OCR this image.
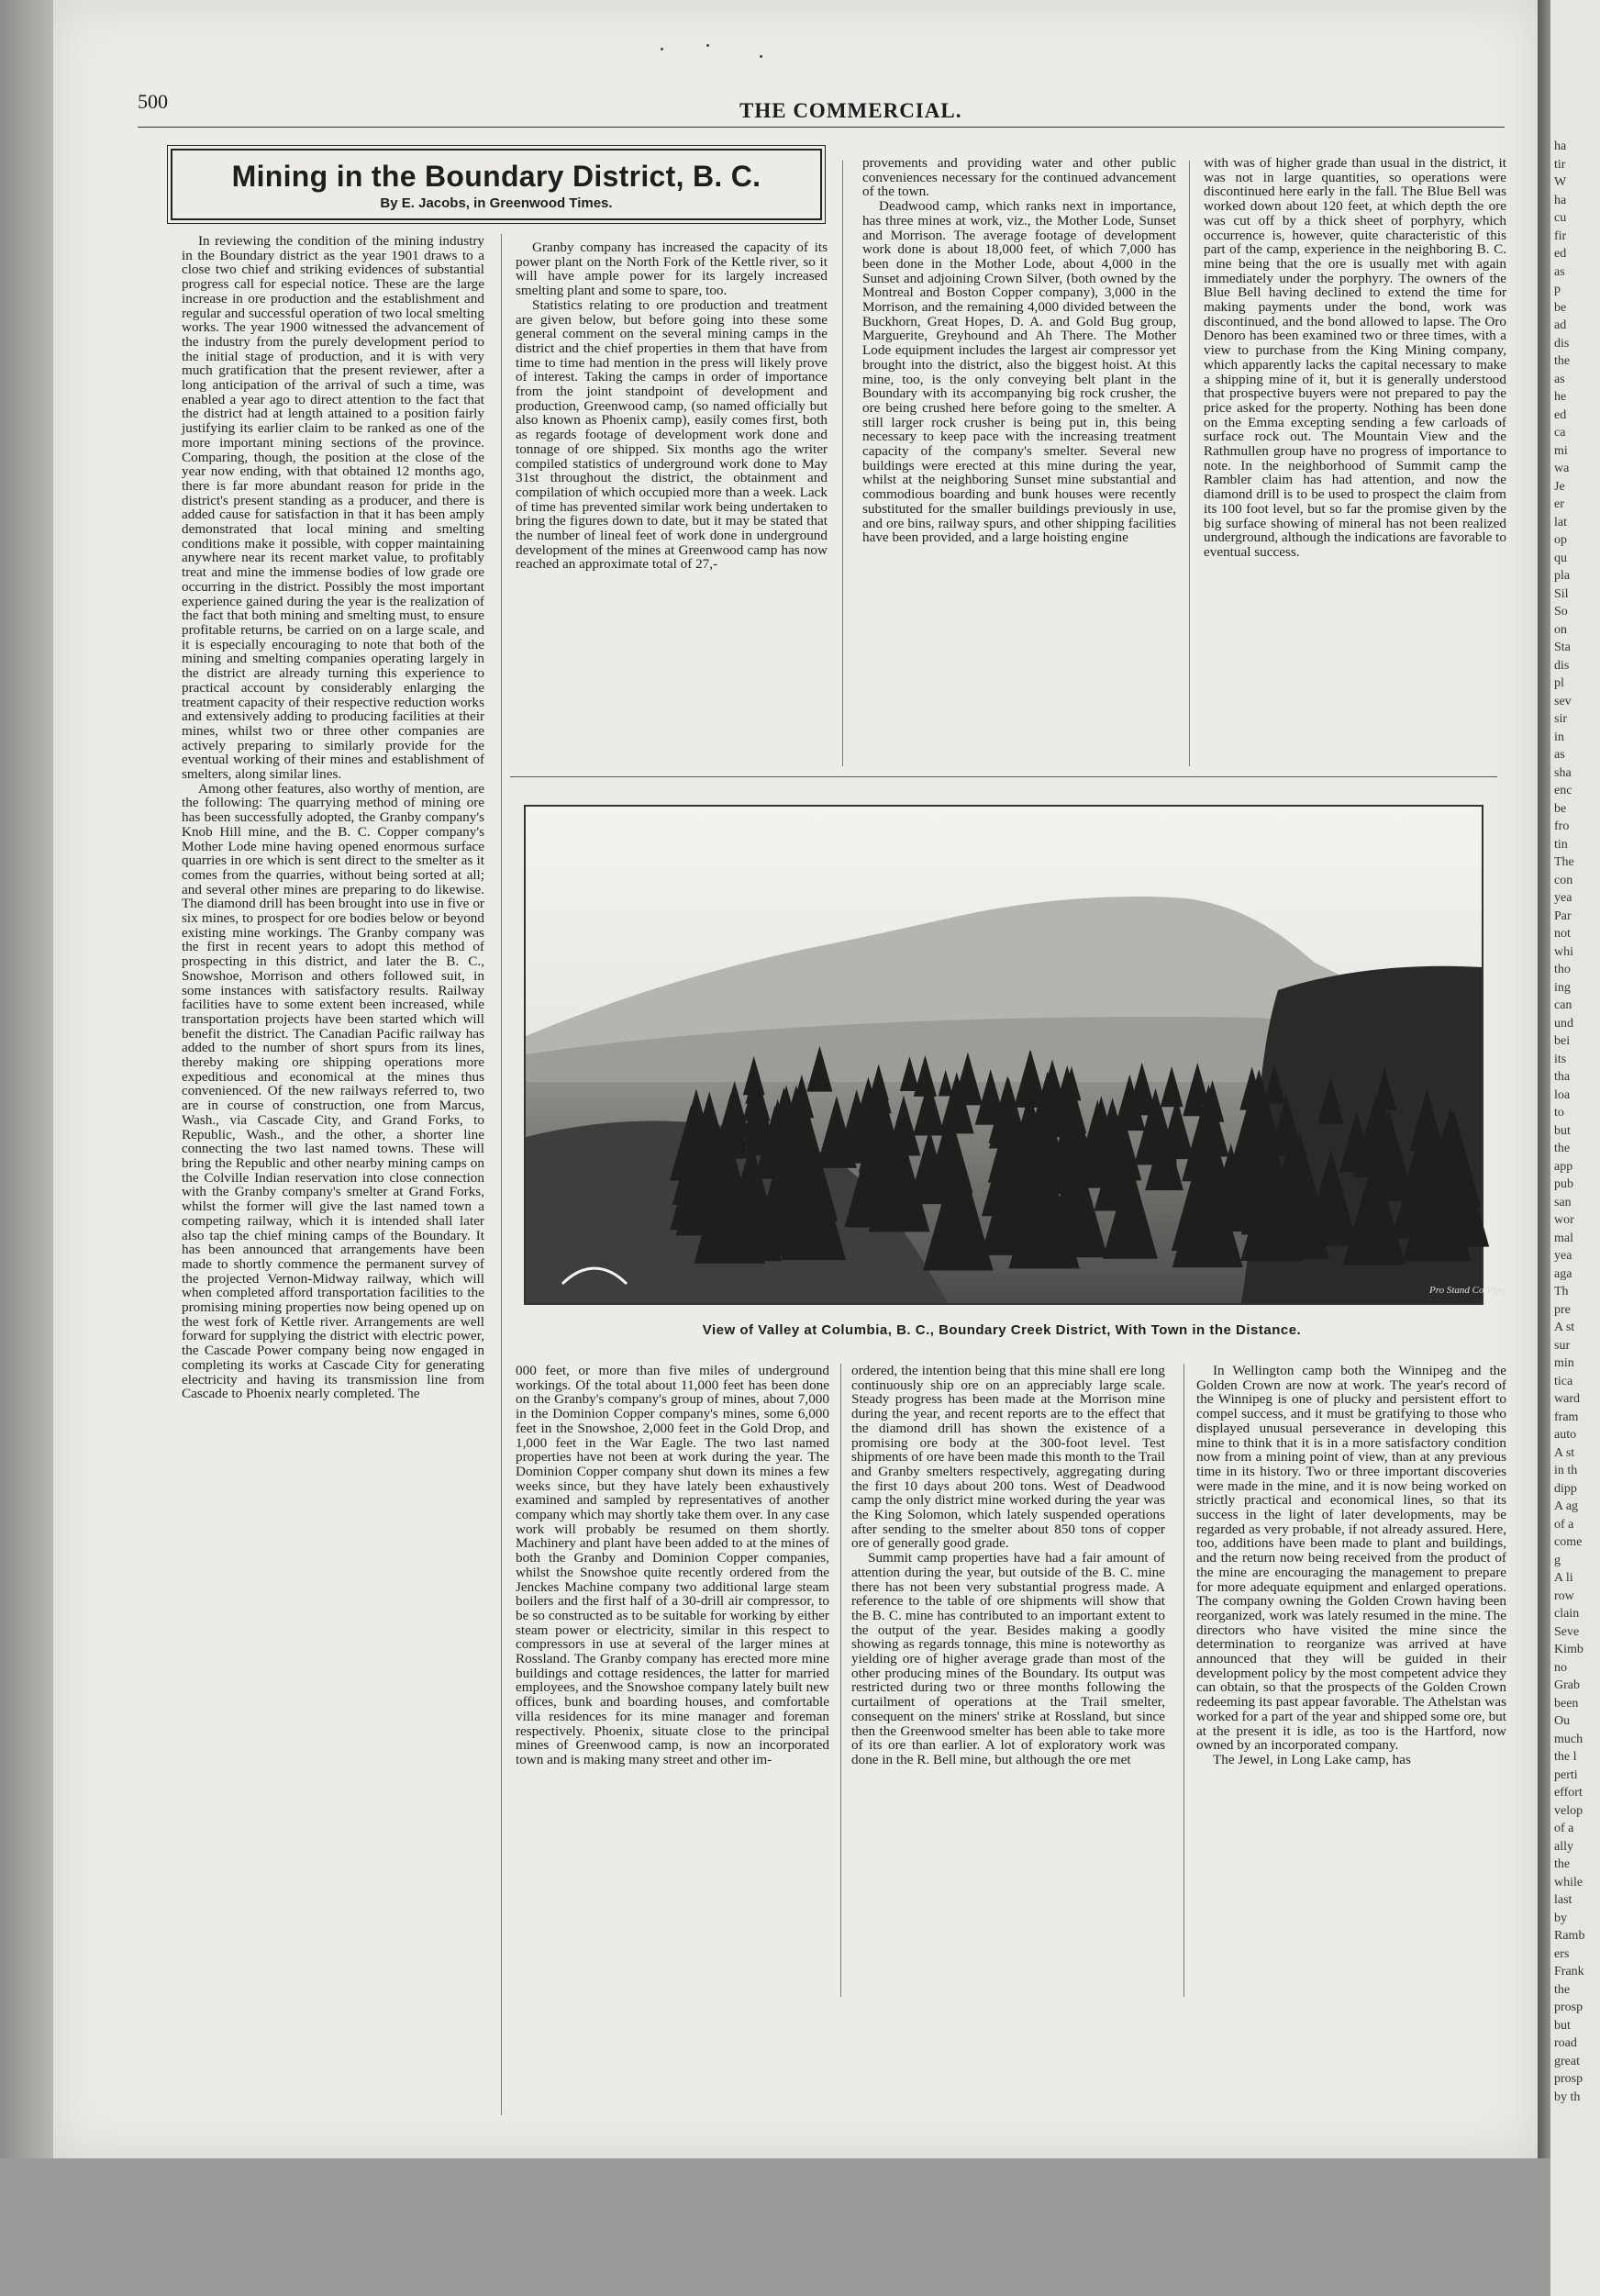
ha
tir
W
ha
cu
fir
ed
as
p
be
ad
dis
the
as
he
ed
ca
mi
wa
Je
er
lat
op
qu
pla
Sil
So
on
Sta
dis
pl
sev
sir
in
as
sha
enc
be
fro
tin
The
con
yea
Par
not
whi
tho
ing
can
und
bei
its
tha
loa
to
but
the
app
pub
san
wor
mal
yea
aga
Th
pre
A st
sur
min
tica
ward
fram
auto
A st
in th
dipp
A ag
of a
come
g
A li
row
clain
Seve
Kimb
no
Grab
been
Ou
much
the l
perti
effort
velop
of a
ally
the
while
last
by
Ramb
ers
Frank
the
prosp
but
road
great
prosp
by th
500	THE COMMERCIAL.
Mining in the Boundary District, B. C.
By E. Jacobs, in Greenwood Times.

In reviewing the condition of the mining industry in the Boundary district as the year 1901 draws to a close two chief and striking evidences of substantial progress call for especial notice. These are the large increase in ore production and the establishment and regular and successful operation of two local smelting works. The year 1900 witnessed the advancement of the industry from the purely development period to the initial stage of production, and it is with very much gratification that the present reviewer, after a long anticipation of the arrival of such a time, was enabled a year ago to direct attention to the fact that the district had at length attained to a position fairly justifying its earlier claim to be ranked as one of the more important mining sections of the province. Comparing, though, the position at the close of the year now ending, with that obtained 12 months ago, there is far more abundant reason for pride in the district's present standing as a producer, and there is added cause for satisfaction in that it has been amply demonstrated that local mining and smelting conditions make it possible, with copper maintaining anywhere near its recent market value, to profitably treat and mine the immense bodies of low grade ore occurring in the district. Possibly the most important experience gained during the year is the realization of the fact that both mining and smelting must, to ensure profitable returns, be carried on on a large scale, and it is especially encouraging to note that both of the mining and smelting companies operating largely in the district are already turning this experience to practical account by considerably enlarging the treatment capacity of their respective reduction works and extensively adding to producing facilities at their mines, whilst two or three other companies are actively preparing to similarly provide for the eventual working of their mines and establishment of smelters, along similar lines.

Among other features, also worthy of mention, are the following: The quarrying method of mining ore has been successfully adopted, the Granby company's Knob Hill mine, and the B. C. Copper company's Mother Lode mine having opened enormous surface quarries in ore which is sent direct to the smelter as it comes from the quarries, without being sorted at all; and several other mines are preparing to do likewise. The diamond drill has been brought into use in five or six mines, to prospect for ore bodies below or beyond existing mine workings. The Granby company was the first in recent years to adopt this method of prospecting in this district, and later the B. C., Snowshoe, Morrison and others followed suit, in some instances with satisfactory results. Railway facilities have to some extent been increased, while transportation projects have been started which will benefit the district. The Canadian Pacific railway has added to the number of short spurs from its lines, thereby making ore shipping operations more expeditious and economical at the mines thus convenienced. Of the new railways referred to, two are in course of construction, one from Marcus, Wash., via Cascade City, and Grand Forks, to Republic, Wash., and the other, a shorter line connecting the two last named towns. These will bring the Republic and other nearby mining camps on the Colville Indian reservation into close connection with the Granby company's smelter at Grand Forks, whilst the former will give the last named town a competing railway, which it is intended shall later also tap the chief mining camps of the Boundary. It has been announced that arrangements have been made to shortly commence the permanent survey of the projected Vernon-Midway railway, which will when completed afford transportation facilities to the promising mining properties now being opened up on the west fork of Kettle river. Arrangements are well forward for supplying the district with electric power, the Cascade Power company being now engaged in completing its works at Cascade City for generating electricity and having its transmission line from Cascade to Phoenix nearly completed. The

Granby company has increased the capacity of its power plant on the North Fork of the Kettle river, so it will have ample power for its largely increased smelting plant and some to spare, too.

Statistics relating to ore production and treatment are given below, but before going into these some general comment on the several mining camps in the district and the chief properties in them that have from time to time had mention in the press will likely prove of interest. Taking the camps in order of importance from the joint standpoint of development and production, Greenwood camp, (so named officially but also known as Phoenix camp), easily comes first, both as regards footage of development work done and tonnage of ore shipped. Six months ago the writer compiled statistics of underground work done to May 31st throughout the district, the obtainment and compilation of which occupied more than a week. Lack of time has prevented similar work being undertaken to bring the figures down to date, but it may be stated that the number of lineal feet of work done in underground development of the mines at Greenwood camp has now reached an approximate total of 27,-

provements and providing water and other public conveniences necessary for the continued advancement of the town.

Deadwood camp, which ranks next in importance, has three mines at work, viz., the Mother Lode, Sunset and Morrison. The average footage of development work done is about 18,000 feet, of which 7,000 has been done in the Mother Lode, about 4,000 in the Sunset and adjoining Crown Silver, (both owned by the Montreal and Boston Copper company), 3,000 in the Morrison, and the remaining 4,000 divided between the Buckhorn, Great Hopes, D. A. and Gold Bug group, Marguerite, Greyhound and Ah There. The Mother Lode equipment includes the largest air compressor yet brought into the district, also the biggest hoist. At this mine, too, is the only conveying belt plant in the Boundary with its accompanying big rock crusher, the ore being crushed here before going to the smelter. A still larger rock crusher is being put in, this being necessary to keep pace with the increasing treatment capacity of the company's smelter. Several new buildings were erected at this mine during the year, whilst at the neighboring Sunset mine substantial and commodious boarding and bunk houses were recently substituted for the smaller buildings previously in use, and ore bins, railway spurs, and other shipping facilities have been provided, and a large hoisting engine

with was of higher grade than usual in the district, it was not in large quantities, so operations were discontinued here early in the fall. The Blue Bell was worked down about 120 feet, at which depth the ore was cut off by a thick sheet of porphyry, which occurrence is, however, quite characteristic of this part of the camp, experience in the neighboring B. C. mine being that the ore is usually met with again immediately under the porphyry. The owners of the Blue Bell having declined to extend the time for making payments under the bond, work was discontinued, and the bond allowed to lapse. The Oro Denoro has been examined two or three times, with a view to purchase from the King Mining company, which apparently lacks the capital necessary to make a shipping mine of it, but it is generally understood that prospective buyers were not prepared to pay the price asked for the property. Nothing has been done on the Emma excepting sending a few carloads of surface rock out. The Mountain View and the Rathmullen group have no progress of importance to note. In the neighborhood of Summit camp the Rambler claim has had attention, and now the diamond drill is to be used to prospect the claim from its 100 foot level, but so far the promise given by the big surface showing of mineral has not been realized underground, although the indications are favorable to eventual success.

Pro Stand Co Wpg
View of Valley at Columbia, B. C., Boundary Creek District, With Town in the Distance.

000 feet, or more than five miles of underground workings. Of the total about 11,000 feet has been done on the Granby's company's group of mines, about 7,000 in the Dominion Copper company's mines, some 6,000 feet in the Snowshoe, 2,000 feet in the Gold Drop, and 1,000 feet in the War Eagle. The two last named properties have not been at work during the year. The Dominion Copper company shut down its mines a few weeks since, but they have lately been exhaustively examined and sampled by representatives of another company which may shortly take them over. In any case work will probably be resumed on them shortly. Machinery and plant have been added to at the mines of both the Granby and Dominion Copper companies, whilst the Snowshoe quite recently ordered from the Jenckes Machine company two additional large steam boilers and the first half of a 30-drill air compressor, to be so constructed as to be suitable for working by either steam power or electricity, similar in this respect to compressors in use at several of the larger mines at Rossland. The Granby company has erected more mine buildings and cottage residences, the latter for married employees, and the Snowshoe company lately built new offices, bunk and boarding houses, and comfortable villa residences for its mine manager and foreman respectively. Phoenix, situate close to the principal mines of Greenwood camp, is now an incorporated town and is making many street and other im-

ordered, the intention being that this mine shall ere long continuously ship ore on an appreciably large scale. Steady progress has been made at the Morrison mine during the year, and recent reports are to the effect that the diamond drill has shown the existence of a promising ore body at the 300-foot level. Test shipments of ore have been made this month to the Trail and Granby smelters respectively, aggregating during the first 10 days about 200 tons. West of Deadwood camp the only district mine worked during the year was the King Solomon, which lately suspended operations after sending to the smelter about 850 tons of copper ore of generally good grade.

Summit camp properties have had a fair amount of attention during the year, but outside of the B. C. mine there has not been very substantial progress made. A reference to the table of ore shipments will show that the B. C. mine has contributed to an important extent to the output of the year. Besides making a goodly showing as regards tonnage, this mine is noteworthy as yielding ore of higher average grade than most of the other producing mines of the Boundary. Its output was restricted during two or three months following the curtailment of operations at the Trail smelter, consequent on the miners' strike at Rossland, but since then the Greenwood smelter has been able to take more of its ore than earlier. A lot of exploratory work was done in the R. Bell mine, but although the ore met

In Wellington camp both the Winnipeg and the Golden Crown are now at work. The year's record of the Winnipeg is one of plucky and persistent effort to compel success, and it must be gratifying to those who displayed unusual perseverance in developing this mine to think that it is in a more satisfactory condition now from a mining point of view, than at any previous time in its history. Two or three important discoveries were made in the mine, and it is now being worked on strictly practical and economical lines, so that its success in the light of later developments, may be regarded as very probable, if not already assured. Here, too, additions have been made to plant and buildings, and the return now being received from the product of the mine are encouraging the management to prepare for more adequate equipment and enlarged operations. The company owning the Golden Crown having been reorganized, work was lately resumed in the mine. The directors who have visited the mine since the determination to reorganize was arrived at have announced that they will be guided in their development policy by the most competent advice they can obtain, so that the prospects of the Golden Crown redeeming its past appear favorable. The Athelstan was worked for a part of the year and shipped some ore, but at the present it is idle, as too is the Hartford, now owned by an incorporated company.

The Jewel, in Long Lake camp, has
